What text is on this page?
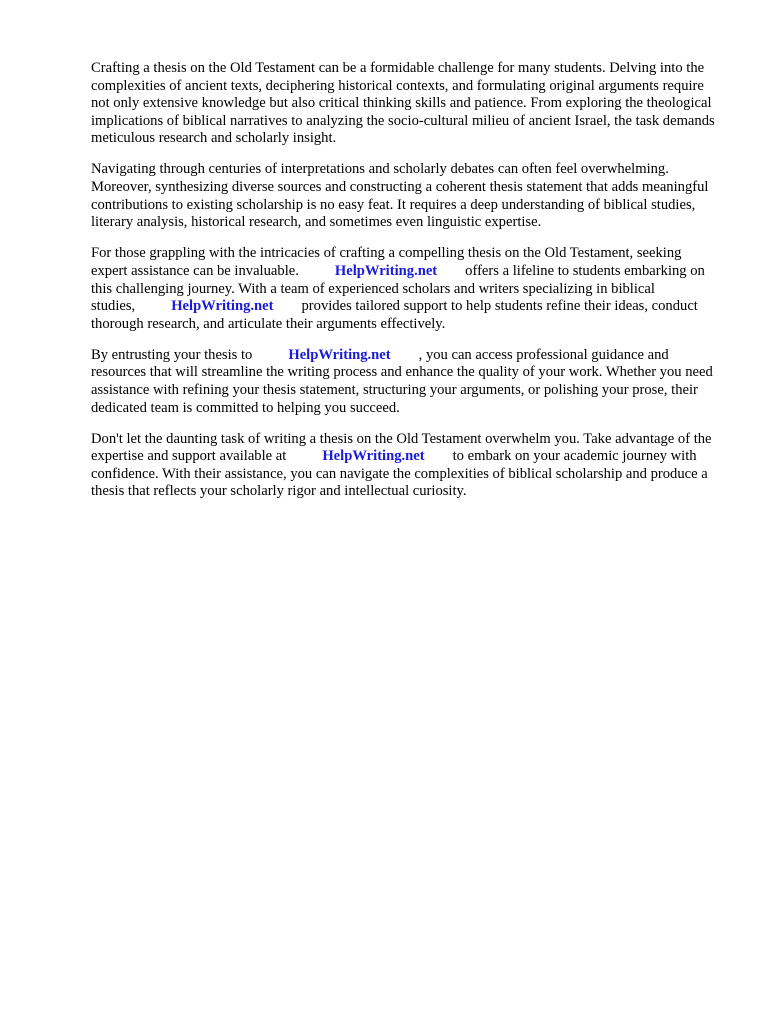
Crafting a thesis on the Old Testament can be a formidable challenge for many students. Delving into the complexities of ancient texts, deciphering historical contexts, and formulating original arguments require not only extensive knowledge but also critical thinking skills and patience. From exploring the theological implications of biblical narratives to analyzing the socio-cultural milieu of ancient Israel, the task demands meticulous research and scholarly insight.

Navigating through centuries of interpretations and scholarly debates can often feel overwhelming. Moreover, synthesizing diverse sources and constructing a coherent thesis statement that adds meaningful contributions to existing scholarship is no easy feat. It requires a deep understanding of biblical studies, literary analysis, historical research, and sometimes even linguistic expertise.

For those grappling with the intricacies of crafting a compelling thesis on the Old Testament, seeking expert assistance can be invaluable. HelpWriting.net offers a lifeline to students embarking on this challenging journey. With a team of experienced scholars and writers specializing in biblical studies, HelpWriting.net provides tailored support to help students refine their ideas, conduct thorough research, and articulate their arguments effectively.

By entrusting your thesis to HelpWriting.net , you can access professional guidance and resources that will streamline the writing process and enhance the quality of your work. Whether you need assistance with refining your thesis statement, structuring your arguments, or polishing your prose, their dedicated team is committed to helping you succeed.

Don't let the daunting task of writing a thesis on the Old Testament overwhelm you. Take advantage of the expertise and support available at HelpWriting.net to embark on your academic journey with confidence. With their assistance, you can navigate the complexities of biblical scholarship and produce a thesis that reflects your scholarly rigor and intellectual curiosity.
